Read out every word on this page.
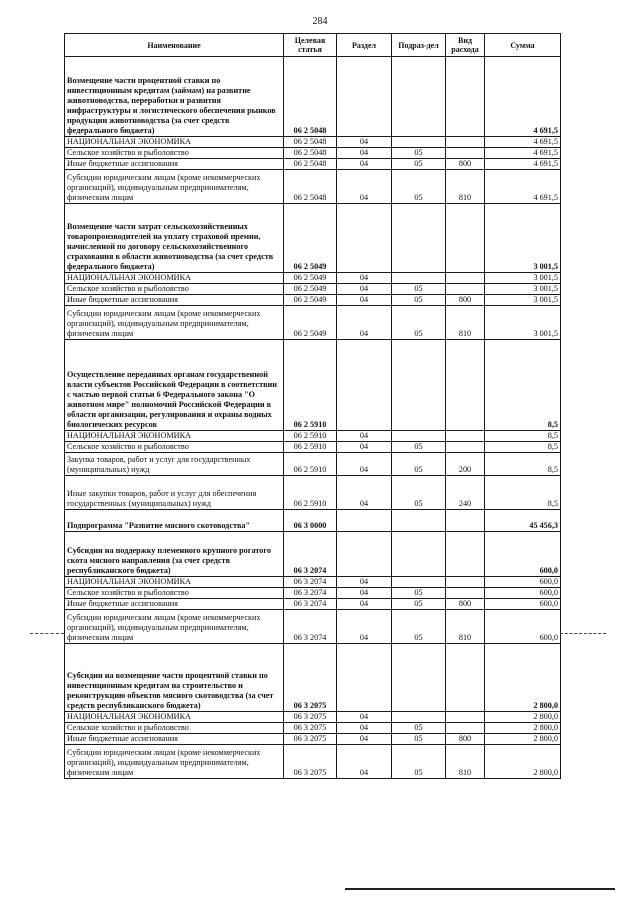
284
Наименование	Целевая статья	Раздел	Подраз-дел	Вид расхода	Сумма
Возмещение части процентной ставки по инвестиционным кредитам (займам) на развитие животноводства, переработки и развития инфраструктуры и логистического обеспечения рынков продукции животноводства (за счет средств федерального бюджета)	06 2 5048				4 691,5
НАЦИОНАЛЬНАЯ ЭКОНОМИКА	06 2 5048	04			4 691,5
Сельское хозяйство и рыболовство	06 2 5048	04	05		4 691,5
Иные бюджетные ассигнования	06 2 5048	04	05	800	4 691,5
Субсидии юридическим лицам (кроме некоммерческих организаций), индивидуальным предпринимателям, физическим лицам	06 2 5048	04	05	810	4 691,5
Возмещение части затрат сельскохозяйственных товаропроизводителей на уплату страховой премии, начисленной по договору сельскохозяйственного страхования в области животноводства (за счет средств федерального бюджета)	06 2 5049				3 001,5
НАЦИОНАЛЬНАЯ ЭКОНОМИКА	06 2 5049	04			3 001,5
Сельское хозяйство и рыболовство	06 2 5049	04	05		3 001,5
Иные бюджетные ассигнования	06 2 5049	04	05	800	3 001,5
Субсидии юридическим лицам (кроме некоммерческих организаций), индивидуальным предпринимателям, физическим лицам	06 2 5049	04	05	810	3 001,5
Осуществление переданных органам государственной власти субъектов Российской Федерации в соответствии с частью первой статьи 6 Федерального закона "О животном мире" полномочий Российской Федерации в области организации, регулирования и охраны водных биологических ресурсов	06 2 5910				8,5
НАЦИОНАЛЬНАЯ ЭКОНОМИКА	06 2 5910	04			8,5
Сельское хозяйство и рыболовство	06 2 5910	04	05		8,5
Закупка товаров, работ и услуг для государственных (муниципальных) нужд	06 2 5910	04	05	200	8,5
Иные закупки товаров, работ и услуг для обеспечения государственных (муниципальных) нужд	06 2 5910	04	05	240	8,5
Подпрограмма "Развитие мясного скотоводства"	06 3 0000				45 456,3
Субсидии на поддержку племенного крупного рогатого скота мясного направления (за счет средств республиканского бюджета)	06 3 2074				600,0
НАЦИОНАЛЬНАЯ ЭКОНОМИКА	06 3 2074	04			600,0
Сельское хозяйство и рыболовство	06 3 2074	04	05		600,0
Иные бюджетные ассигнования	06 3 2074	04	05	800	600,0
Субсидии юридическим лицам (кроме некоммерческих организаций), индивидуальным предпринимателям, физическим лицам	06 3 2074	04	05	810	600,0
Субсидии на возмещение части процентной ставки по инвестиционным кредитам на строительство и реконструкцию объектов мясного скотоводства (за счет средств республиканского бюджета)	06 3 2075				2 800,0
НАЦИОНАЛЬНАЯ ЭКОНОМИКА	06 3 2075	04			2 800,0
Сельское хозяйство и рыболовство	06 3 2075	04	05		2 800,0
Иные бюджетные ассигнования	06 3 2075	04	05	800	2 800,0
Субсидии юридическим лицам (кроме некоммерческих организаций), индивидуальным предпринимателям, физическим лицам	06 3 2075	04	05	810	2 800,0
